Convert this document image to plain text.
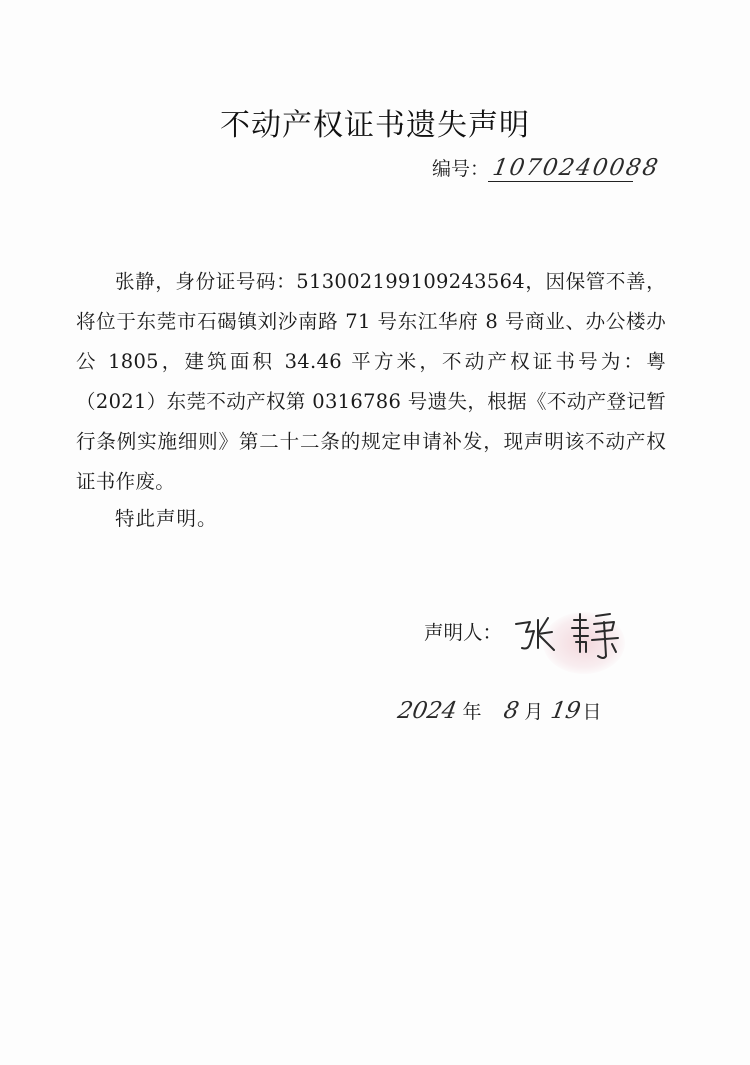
不动产权证书遗失声明
编号： 1070240088
张静，身份证号码：513002199109243564，因保管不善，将位于东莞市石碣镇刘沙南路 71 号东江华府 8 号商业、办公楼办公 1805，建筑面积 34.46 平方米，不动产权证书号为：粤（2021）东莞不动产权第 0316786 号遗失，根据《不动产登记暂行条例实施细则》第二十二条的规定申请补发，现声明该不动产权证书作废。
特此声明。
声明人：
2024 年 8 月 19 日
